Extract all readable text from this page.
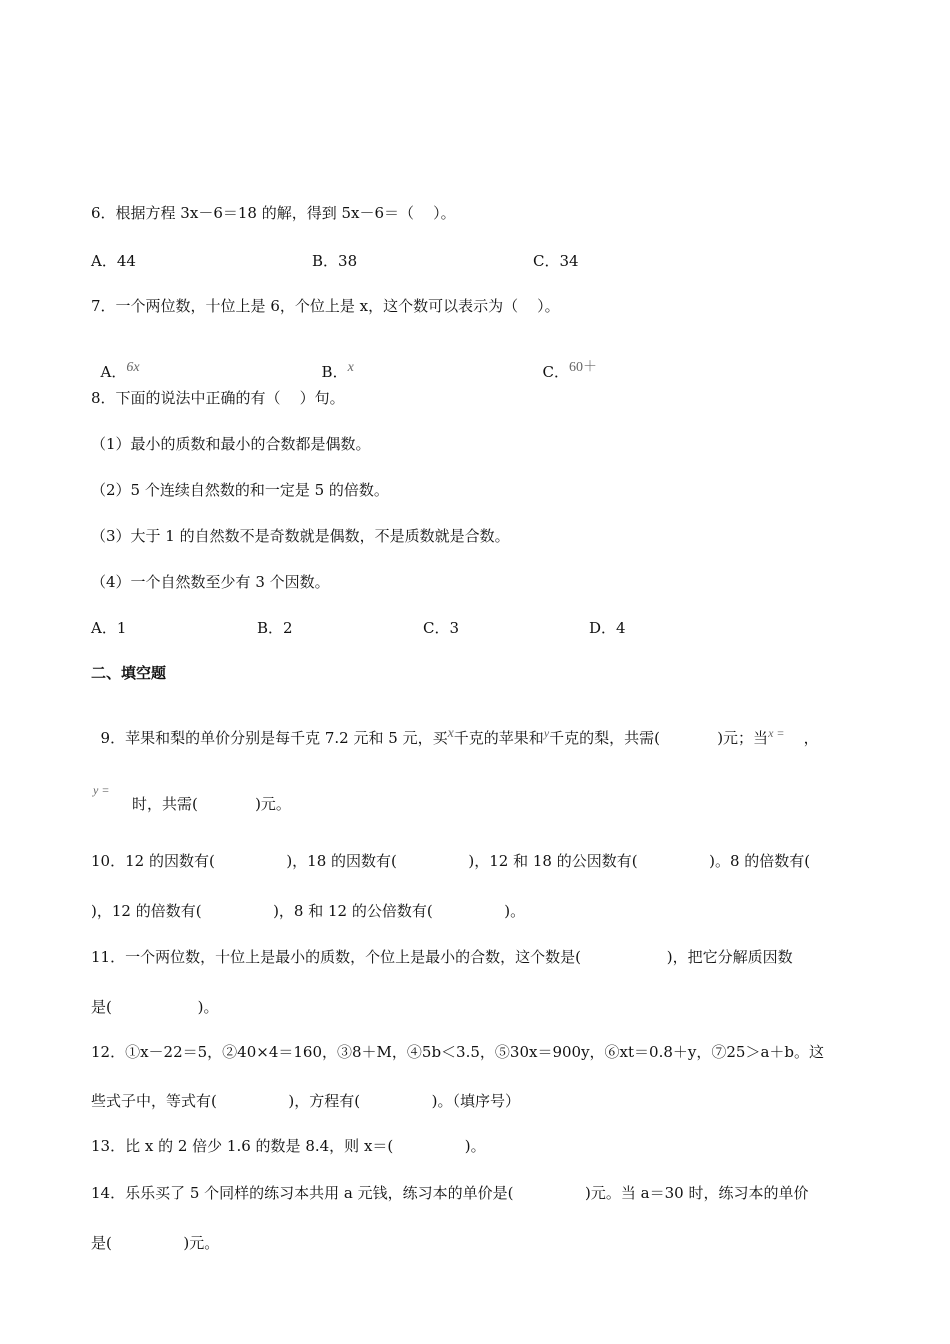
6．根据方程 3x－6＝18 的解，得到 5x－6＝（    ）。
A．44	B．38	C．34
7．一个两位数，十位上是 6，个位上是 x，这个数可以表示为（    ）。

A．6x	B．x	C．60＋

8．下面的说法中正确的有（    ）句。
（1）最小的质数和最小的合数都是偶数。
（2）5 个连续自然数的和一定是 5 的倍数。
（3）大于 1 的自然数不是奇数就是偶数，不是质数就是合数。
（4）一个自然数至少有 3 个因数。
A．1	B．2	C．3	D．4
二、填空题

9．苹果和梨的单价分别是每千克 7.2 元和 5 元，买x千克的苹果和$^y$千克的梨，共需(            )元；当$^{x =}$    ，

y =
时，共需(            )元。
10．12 的因数有(               )，18 的因数有(               )，12 和 18 的公因数有(               )。8 的倍数有(
)，12 的倍数有(               )，8 和 12 的公倍数有(               )。
11．一个两位数，十位上是最小的质数，个位上是最小的合数，这个数是(                  )，把它分解质因数
是(                  )。
12．①x－22＝5，②40×4＝160，③8＋M，④5b＜3.5，⑤30x＝900y，⑥xt＝0.8＋y，⑦25＞a＋b。这
些式子中，等式有(               )，方程有(               )。（填序号）
13．比 x 的 2 倍少 1.6 的数是 8.4，则 x＝(               )。
14．乐乐买了 5 个同样的练习本共用 a 元钱，练习本的单价是(               )元。当 a＝30 时，练习本的单价
是(               )元。
